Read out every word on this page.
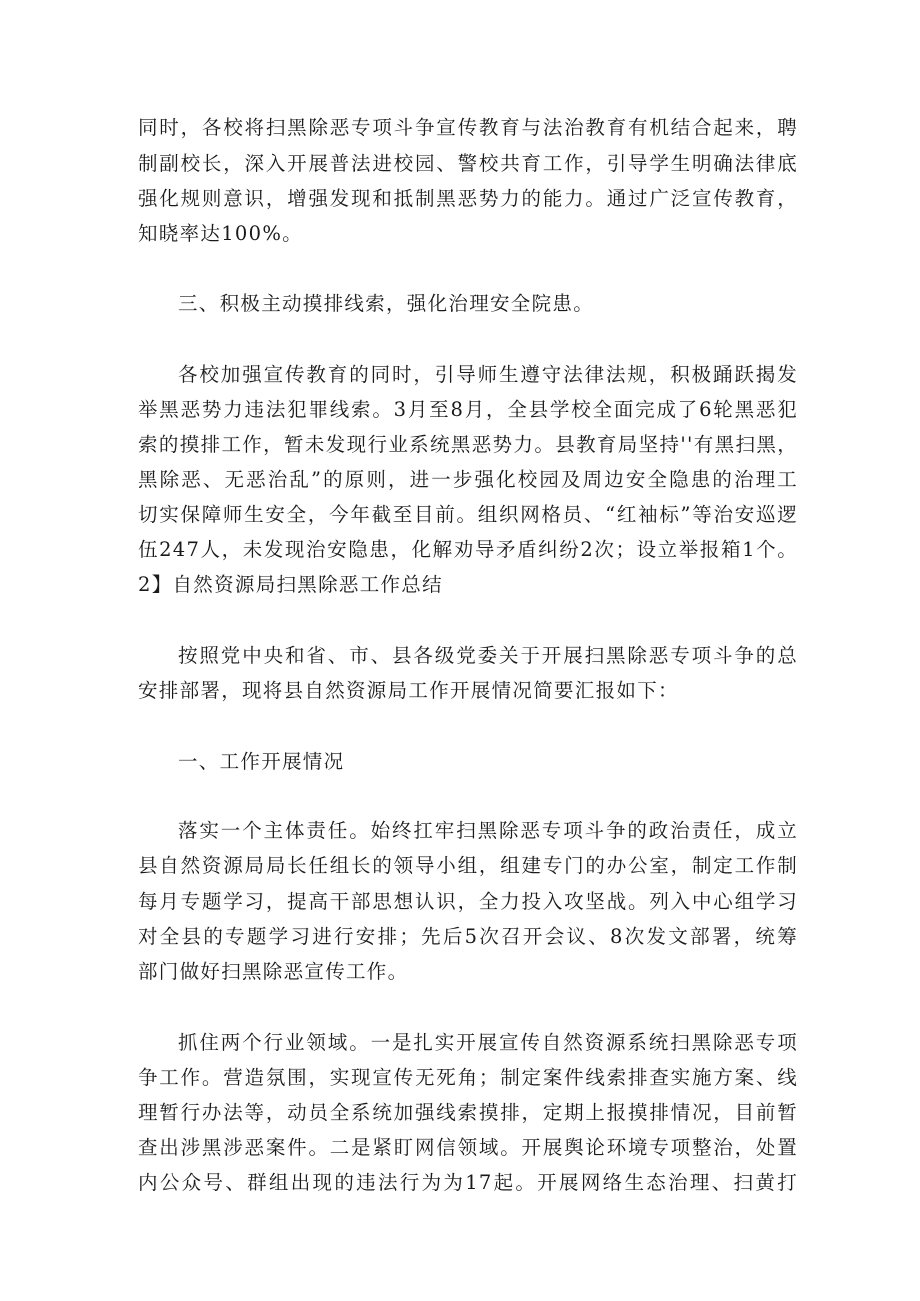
同时，各校将扫黑除恶专项斗争宣传教育与法治教育有机结合起来，聘
制副校长，深入开展普法进校园、警校共育工作，引导学生明确法律底
强化规则意识，增强发现和抵制黑恶势力的能力。通过广泛宣传教育，
知晓率达100%。
三、积极主动摸排线索，强化治理安全院患。
各校加强宣传教育的同时，引导师生遵守法律法规，积极踊跃揭发
举黑恶势力违法犯罪线索。3月至8月，全县学校全面完成了6轮黑恶犯
索的摸排工作，暂未发现行业系统黑恶势力。县教育局坚持''有黑扫黑，
黑除恶、无恶治乱”的原则，进一步强化校园及周边安全隐患的治理工
切实保障师生安全，今年截至目前。组织网格员、“红袖标”等治安巡逻
伍247人，未发现治安隐患，化解劝导矛盾纠纷2次；设立举报箱1个。
2】自然资源局扫黑除恶工作总结
按照党中央和省、市、县各级党委关于开展扫黑除恶专项斗争的总
安排部署，现将县自然资源局工作开展情况简要汇报如下：
一、工作开展情况
落实一个主体责任。始终扛牢扫黑除恶专项斗争的政治责任，成立
县自然资源局局长任组长的领导小组，组建专门的办公室，制定工作制
每月专题学习，提高干部思想认识，全力投入攻坚战。列入中心组学习
对全县的专题学习进行安排；先后5次召开会议、8次发文部署，统筹
部门做好扫黑除恶宣传工作。
抓住两个行业领域。一是扎实开展宣传自然资源系统扫黑除恶专项
争工作。营造氛围，实现宣传无死角；制定案件线索排查实施方案、线
理暂行办法等，动员全系统加强线索摸排，定期上报摸排情况，目前暂
查出涉黑涉恶案件。二是紧盯网信领域。开展舆论环境专项整治，处置
内公众号、群组出现的违法行为为17起。开展网络生态治理、扫黄打
